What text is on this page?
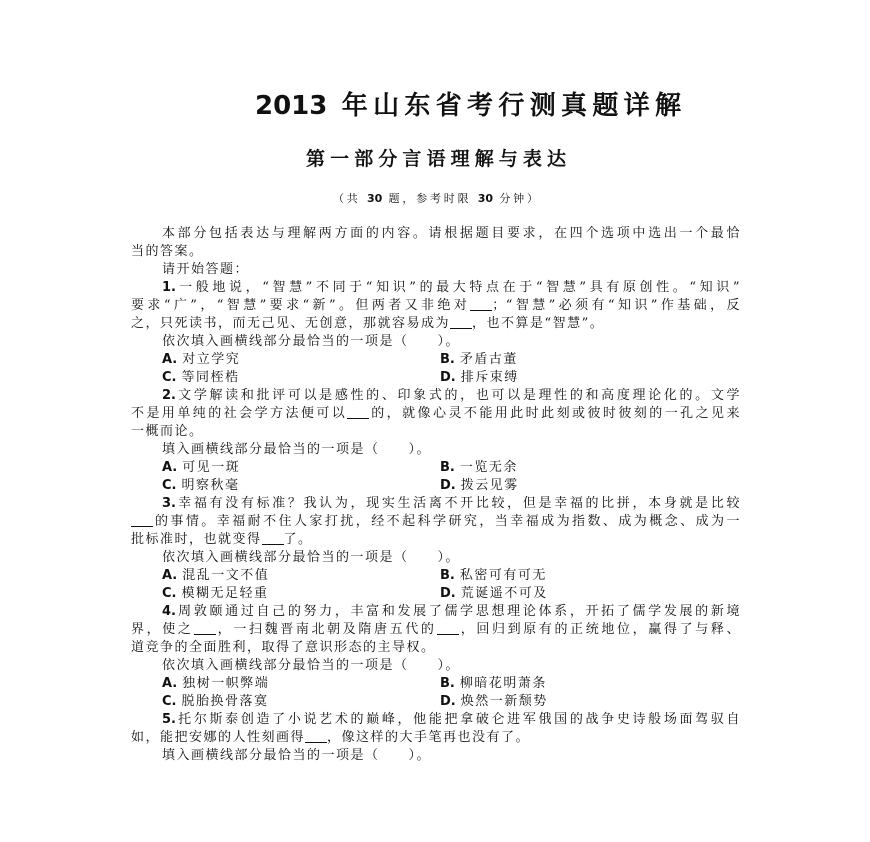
2013 年山东省考行测真题详解
第一部分言语理解与表达
（共 30 题，参考时限 30 分钟）
本部分包括表达与理解两方面的内容。请根据题目要求，在四个选项中选出一个最恰
当的答案。
请开始答题：
1.一般地说，“智慧”不同于“知识”的最大特点在于“智慧”具有原创性。“知识”
要求“广”，“智慧”要求“新”。但两者又非绝对 ；“智慧”必须有“知识”作基础，反
之，只死读书，而无己见、无创意，那就容易成为 ，也不算是“智慧”。
依次填入画横线部分最恰当的一项是（　　）。
A. 对立学究	B. 矛盾古董
C. 等同桎梏	D. 排斥束缚
2.文学解读和批评可以是感性的、印象式的，也可以是理性的和高度理论化的。文学
不是用单纯的社会学方法便可以 的，就像心灵不能用此时此刻或彼时彼刻的一孔之见来
一概而论。
填入画横线部分最恰当的一项是（　　）。
A. 可见一斑	B. 一览无余
C. 明察秋毫	D. 拨云见雾
3.幸福有没有标准？我认为，现实生活离不开比较，但是幸福的比拼，本身就是比较
的事情。幸福耐不住人家打扰，经不起科学研究，当幸福成为指数、成为概念、成为一
批标准时，也就变得 了。
依次填入画横线部分最恰当的一项是（　　）。
A. 混乱一文不值	B. 私密可有可无
C. 模糊无足轻重	D. 荒诞遥不可及
4.周敦颐通过自己的努力，丰富和发展了儒学思想理论体系，开拓了儒学发展的新境
界，使之 ，一扫魏晋南北朝及隋唐五代的 ，回归到原有的正统地位，赢得了与释、
道竞争的全面胜利，取得了意识形态的主导权。
依次填入画横线部分最恰当的一项是（　　）。
A. 独树一帜弊端	B. 柳暗花明萧条
C. 脱胎换骨落寞	D. 焕然一新颓势
5.托尔斯泰创造了小说艺术的巅峰，他能把拿破仑进军俄国的战争史诗般场面驾驭自
如，能把安娜的人性刻画得 ，像这样的大手笔再也没有了。
填入画横线部分最恰当的一项是（　　）。
